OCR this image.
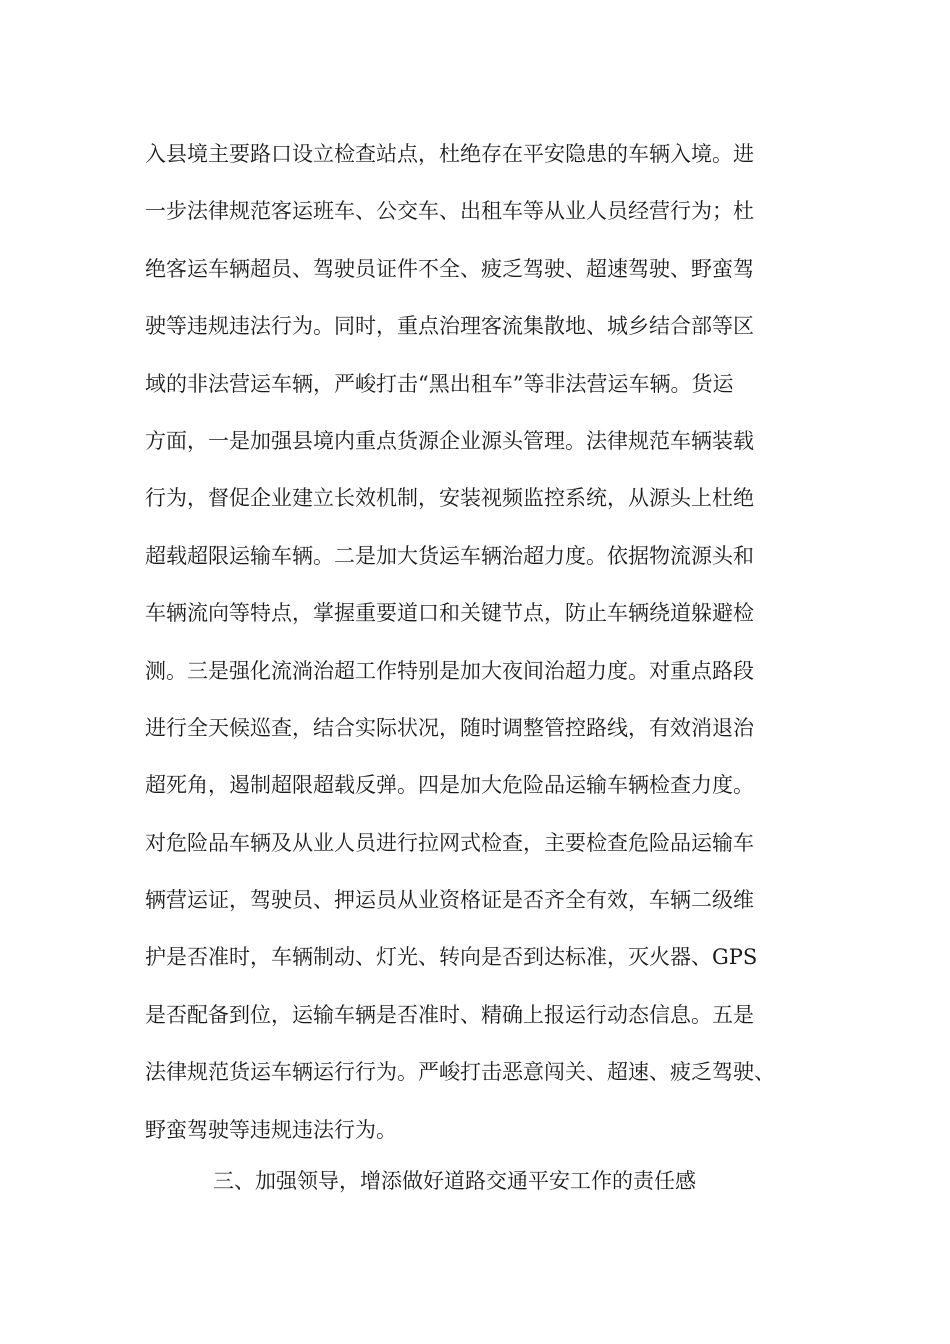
入县境主要路口设立检查站点，杜绝存在平安隐患的车辆入境。进
一步法律规范客运班车、公交车、出租车等从业人员经营行为；杜
绝客运车辆超员、驾驶员证件不全、疲乏驾驶、超速驾驶、野蛮驾
驶等违规违法行为。同时，重点治理客流集散地、城乡结合部等区
域的非法营运车辆，严峻打击“黑出租车”等非法营运车辆。货运
方面，一是加强县境内重点货源企业源头管理。法律规范车辆装载
行为，督促企业建立长效机制，安装视频监控系统，从源头上杜绝
超载超限运输车辆。二是加大货运车辆治超力度。依据物流源头和
车辆流向等特点，掌握重要道口和关键节点，防止车辆绕道躲避检
测。三是强化流淌治超工作特别是加大夜间治超力度。对重点路段
进行全天候巡查，结合实际状况，随时调整管控路线，有效消退治
超死角，遏制超限超载反弹。四是加大危险品运输车辆检查力度。
对危险品车辆及从业人员进行拉网式检查，主要检查危险品运输车
辆营运证，驾驶员、押运员从业资格证是否齐全有效，车辆二级维
护是否准时，车辆制动、灯光、转向是否到达标准，灭火器、GPS
是否配备到位，运输车辆是否准时、精确上报运行动态信息。五是
法律规范货运车辆运行行为。严峻打击恶意闯关、超速、疲乏驾驶、
野蛮驾驶等违规违法行为。
三、加强领导，增添做好道路交通平安工作的责任感
